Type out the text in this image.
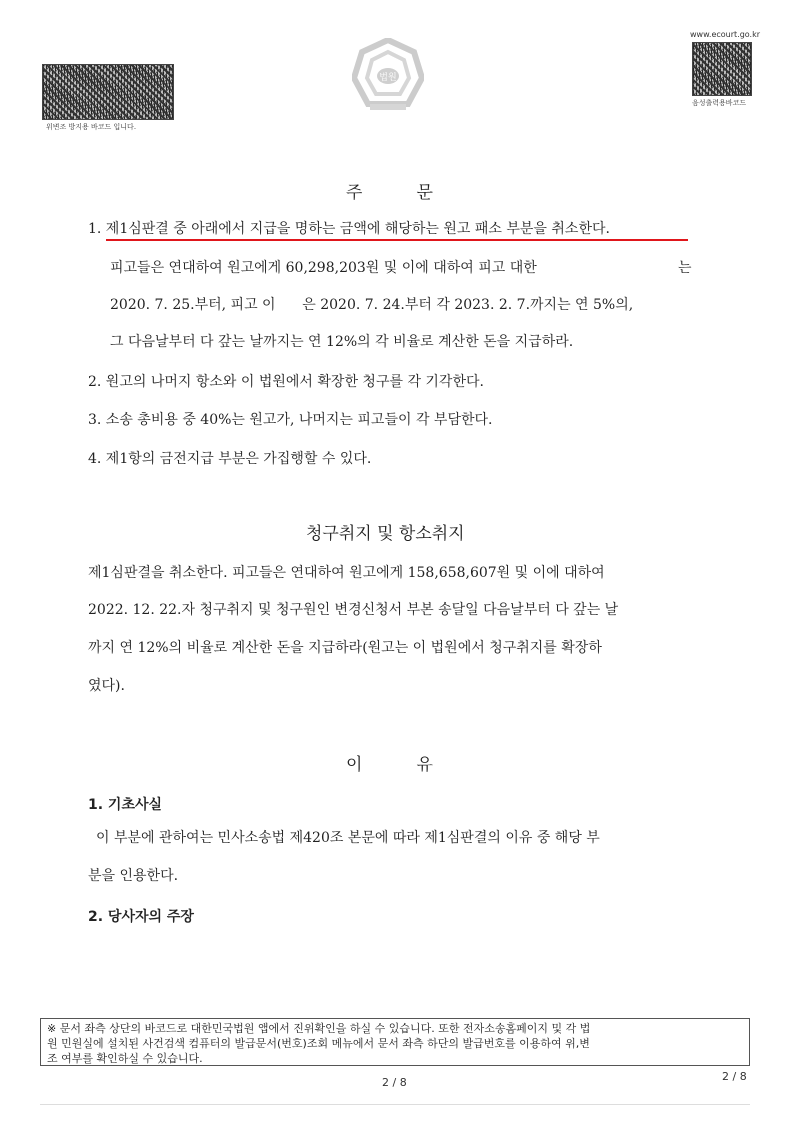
위변조 방지용 바코드 입니다.
법원
www.ecourt.go.kr
음성출력용바코드
주          문
1. 제1심판결 중 아래에서 지급을 명하는 금액에 해당하는 원고 패소 부분을 취소한다.
피고들은 연대하여 원고에게 60,298,203원 및 이에 대하여 피고 대한	는
2020. 7. 25.부터, 피고 이      은 2020. 7. 24.부터 각 2023. 2. 7.까지는 연 5%의,
그 다음날부터 다 갚는 날까지는 연 12%의 각 비율로 계산한 돈을 지급하라.
2. 원고의 나머지 항소와 이 법원에서 확장한 청구를 각 기각한다.
3. 소송 총비용 중 40%는 원고가, 나머지는 피고들이 각 부담한다.
4. 제1항의 금전지급 부분은 가집행할 수 있다.
청구취지 및 항소취지
제1심판결을 취소한다. 피고들은 연대하여 원고에게 158,658,607원 및 이에 대하여
2022. 12. 22.자 청구취지 및 청구원인 변경신청서 부본 송달일 다음날부터 다 갚는 날
까지 연 12%의 비율로 계산한 돈을 지급하라(원고는 이 법원에서 청구취지를 확장하
였다).
이          유
1. 기초사실
이 부분에 관하여는 민사소송법 제420조 본문에 따라 제1심판결의 이유 중 해당 부
분을 인용한다.
2. 당사자의 주장
※ 문서 좌측 상단의 바코드로 대한민국법원 앱에서 진위확인을 하실 수 있습니다. 또한 전자소송홈페이지 및 각 법
원 민원실에 설치된 사건검색 컴퓨터의 발급문서(번호)조회 메뉴에서 문서 좌측 하단의 발급번호를 이용하여 위,변
조 여부를 확인하실 수 있습니다.
2 / 8	2 / 8
